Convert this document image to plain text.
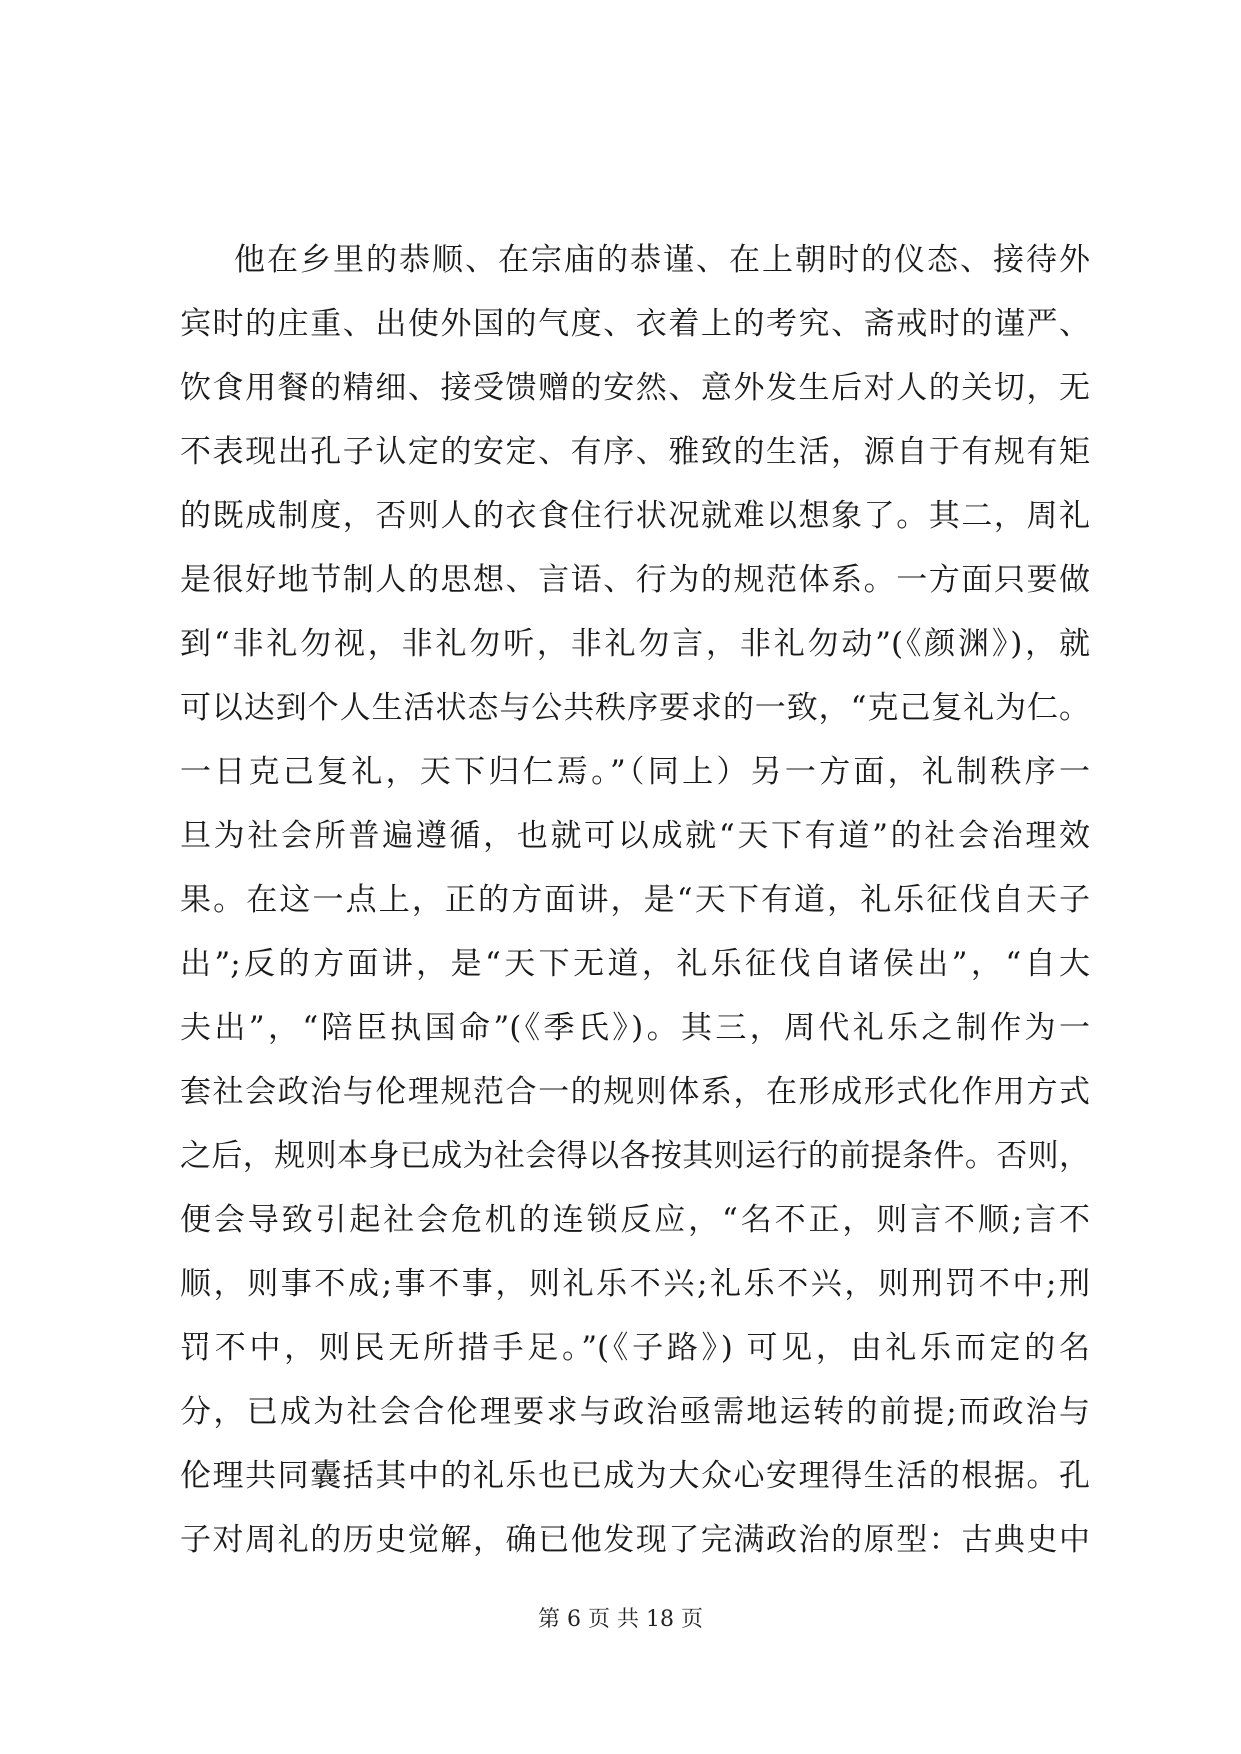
他在乡里的恭顺、在宗庙的恭谨、在上朝时的仪态、接待外
宾时的庄重、出使外国的气度、衣着上的考究、斋戒时的谨严、
饮食用餐的精细、接受馈赠的安然、意外发生后对人的关切，无
不表现出孔子认定的安定、有序、雅致的生活，源自于有规有矩
的既成制度，否则人的衣食住行状况就难以想象了。其二，周礼
是很好地节制人的思想、言语、行为的规范体系。一方面只要做
到“非礼勿视，非礼勿听，非礼勿言，非礼勿动”(《颜渊》)，就
可以达到个人生活状态与公共秩序要求的一致，“克己复礼为仁。
一日克己复礼，天下归仁焉。”（同上）另一方面，礼制秩序一
旦为社会所普遍遵循，也就可以成就“天下有道”的社会治理效
果。在这一点上，正的方面讲，是“天下有道，礼乐征伐自天子
出”;反的方面讲，是“天下无道，礼乐征伐自诸侯出”，“自大
夫出”，“陪臣执国命”(《季氏》)。其三，周代礼乐之制作为一
套社会政治与伦理规范合一的规则体系，在形成形式化作用方式
之后，规则本身已成为社会得以各按其则运行的前提条件。否则，
便会导致引起社会危机的连锁反应，“名不正，则言不顺;言不
顺，则事不成;事不事，则礼乐不兴;礼乐不兴，则刑罚不中;刑
罚不中，则民无所措手足。”(《子路》) 可见，由礼乐而定的名
分，已成为社会合伦理要求与政治亟需地运转的前提;而政治与
伦理共同囊括其中的礼乐也已成为大众心安理得生活的根据。孔
子对周礼的历史觉解，确已他发现了完满政治的原型：古典史中
第 6 页 共 18 页
